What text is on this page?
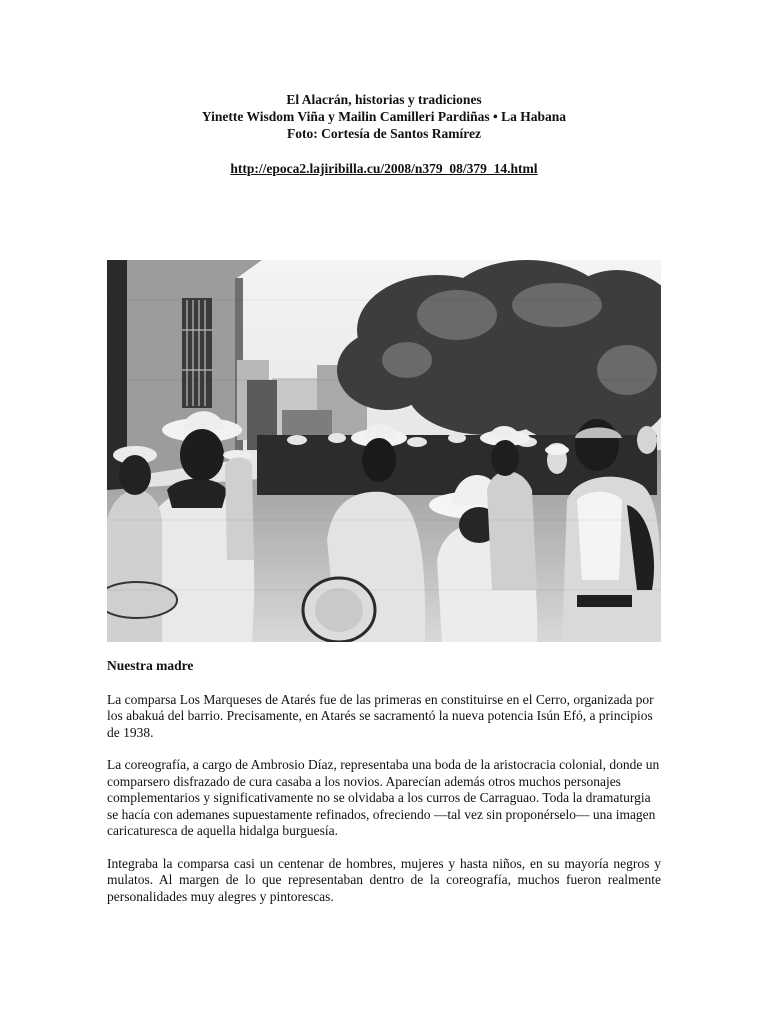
El Alacrán, historias y tradiciones
Yinette Wisdom Viña y Mailin Camilleri Pardiñas • La Habana
Foto: Cortesía de Santos Ramírez
http://epoca2.lajiribilla.cu/2008/n379_08/379_14.html
Nuestra madre

La comparsa Los Marqueses de Atarés fue de las primeras en constituirse en el Cerro, organizada por los abakuá del barrio. Precisamente, en Atarés se sacramentó la nueva potencia Isún Efó, a principios de 1938.

La coreografía, a cargo de Ambrosio Díaz, representaba una boda de la aristocracia colonial, donde un comparsero disfrazado de cura casaba a los novios. Aparecían además otros muchos personajes complementarios y significativamente no se olvidaba a los curros de Carraguao. Toda la dramaturgia se hacía con ademanes supuestamente refinados, ofreciendo —tal vez sin proponérselo— una imagen caricaturesca de aquella hidalga burguesía.

Integraba la comparsa casi un centenar de hombres, mujeres y hasta niños, en su mayoría negros y mulatos. Al margen de lo que representaban dentro de la coreografía, muchos fueron realmente personalidades muy alegres y pintorescas.
